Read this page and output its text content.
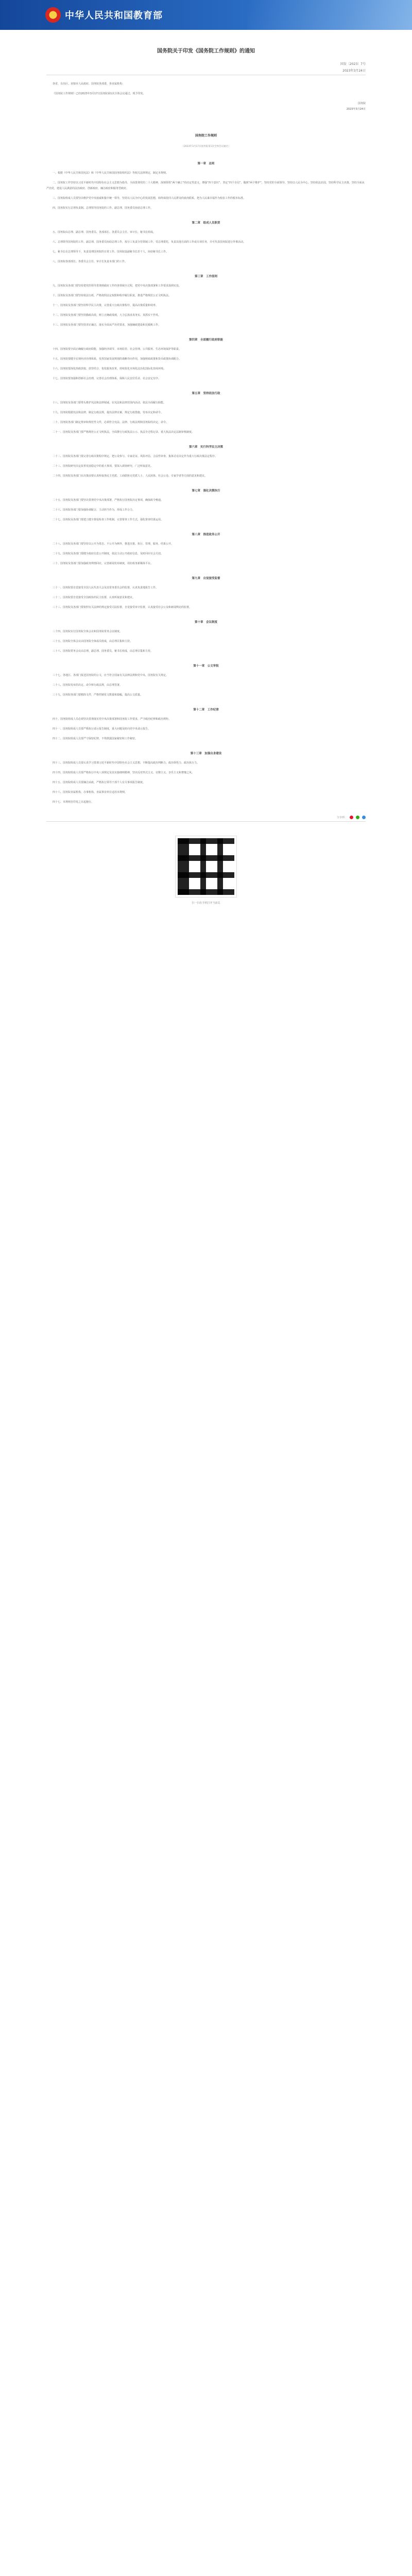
中华人民共和国教育部
国务院关于印发《国务院工作规则》的通知
国发〔2023〕7号
2023年3月24日

各省、自治区、直辖市人民政府，国务院各部委、各直属机构：

《国务院工作规则》已经2023年3月17日国务院第1次全体会议通过，现予印发。

国务院

2023年3月24日

国务院工作规则
（2023年3月17日国务院第1次全体会议通过）
第一章　总则

一、根据《中华人民共和国宪法》和《中华人民共和国国务院组织法》等相关法律规定，制定本规则。

二、国务院工作坚持以习近平新时代中国特色社会主义思想为指导，全面贯彻党的二十大精神，深刻领悟“两个确立”的决定性意义，增强“四个意识”、坚定“四个自信”、做到“两个维护”，坚持党的全面领导，坚持以人民为中心，坚持依法治国，坚持科学民主决策，坚持全面从严治党，建设人民满意的法治政府、创新政府、廉洁政府和服务型政府。

三、国务院组成人员要坚决维护党中央权威和集中统一领导，坚持以人民为中心的发展思想，始终保持同人民群众的血肉联系，把为人民谋幸福作为检验工作的根本标准。

四、国务院实行总理负责制。总理领导国务院的工作。副总理、国务委员协助总理工作。

第二章　组成人员职责

五、国务院由总理、副总理、国务委员、各部部长、各委员会主任、审计长、秘书长组成。

六、总理领导国务院的工作。副总理、国务委员协助总理工作，按分工负责分管领域工作，受总理委托，负责其他方面的工作或专项任务，并可代表国务院进行外事活动。

七、秘书长在总理领导下，负责处理国务院的日常工作。国务院设副秘书长若干人，协助秘书长工作。

八、国务院各部部长、各委员会主任、审计长负责本部门的工作。

第三章　工作原则

九、国务院及各部门要坚持把党的领导贯彻到政府工作的各领域全过程，把党中央决策部署和工作要求落到实处。

十、国务院及各部门要坚持依法行政，严格按照法定权限和程序履行职责，推进严格规范公正文明执法。

十一、国务院及各部门要坚持科学民主决策，完善重大行政决策程序，提高决策质量和效率。

十二、国务院及各部门要坚持勤政高效，树立正确政绩观，大力弘扬求真务实、真抓实干作风。

十三、国务院及各部门要坚持清正廉洁，落实全面从严治党要求，加强廉政建设和反腐败工作。

第四章　全面履行政府职能

十四、国务院要全面正确履行政府职能，加强经济调节、市场监管、社会管理、公共服务、生态环境保护等职责。

十五、国务院要健全宏观经济治理体系，发挥国家发展规划的战略导向作用，加强财政政策和货币政策协调配合。

十六、国务院要深化简政放权、放管结合、优化服务改革，持续优化市场化法治化国际化营商环境。

十七、国务院要加强和创新社会治理，完善社会治理体系，保障人民安居乐业、社会安定有序。

第五章　坚持依法行政

十八、国务院及各部门要带头维护宪法和法律权威，在宪法和法律范围内活动，依法全面履行职能。

十九、国务院根据宪法和法律，制定行政法规，提出法律议案，规定行政措施，发布决定和命令。

二十、国务院各部门制定规章和规范性文件，必须符合宪法、法律、行政法规和国务院的决定、命令。

二十一、国务院及各部门要严格规范公正文明执法，全面推行行政执法公示、执法全过程记录、重大执法决定法制审核制度。

第六章　实行科学民主决策

二十二、国务院及各部门要完善行政决策程序规定，把公众参与、专家论证、风险评估、合法性审查、集体讨论决定作为重大行政决策法定程序。

二十三、国务院研究决定改革发展稳定中的重大事项，要深入调查研究，广泛听取意见。

二十四、国务院及各部门在决策前要认真听取各民主党派、工商联和无党派人士、人民团体、社会公众、专家学者等方面的意见和建议。

第七章　强化决策执行

二十五、国务院及各部门要坚决贯彻党中央决策部署，严格执行国务院决定事项，确保政令畅通。

二十六、国务院各部门要加强协调配合，主动担当作为，形成工作合力。

二十七、国务院及各部门要建立健全督促检查工作机制，完善督查工作方式，强化督查结果运用。

第八章　推进政务公开

二十八、国务院及各部门要坚持以公开为常态、不公开为例外，推进决策、执行、管理、服务、结果公开。

二十九、国务院及各部门要健全政府信息公开制度，依法主动公开政府信息，及时回应社会关切。

三十、国务院及各部门要加强政务舆情回应，完善新闻发布制度，用好政务新媒体平台。

第九章　自觉接受监督

三十一、国务院要自觉接受全国人民代表大会及其常务委员会的监督，认真负责地报告工作。

三十二、国务院要自觉接受全国政协的民主监督，认真听取意见和建议。

三十三、国务院及各部门要依照有关法律的规定接受司法监督，自觉接受审计监督，认真接受社会公众和新闻舆论的监督。

第十章　会议制度

三十四、国务院实行国务院全体会议和国务院常务会议制度。

三十五、国务院全体会议由国务院全体成员组成，由总理召集和主持。

三十六、国务院常务会议由总理、副总理、国务委员、秘书长组成，由总理召集和主持。

第十一章　公文审批

三十七、各地区、各部门报送国务院的公文，应当符合国家有关法律法规和党中央、国务院有关规定。

三十八、国务院发布的决定、命令和行政法规，由总理签署。

三十九、国务院各部门要精简文件，严格控制发文数量和篇幅，提高公文质量。

第十二章　工作纪律

四十、国务院组成人员必须坚决贯彻落实党中央决策部署和国务院工作要求，严守政治纪律和政治规矩。

四十一、国务院组成人员要严格执行请示报告制度，重大问题及时向党中央请示报告。

四十二、国务院组成人员要严守保密纪律，不得泄露国家秘密和工作秘密。

第十三章　加强自身建设

四十三、国务院组成人员要认真学习贯彻习近平新时代中国特色社会主义思想，不断提高政治判断力、政治领悟力、政治执行力。

四十四、国务院组成人员要严格执行中央八项规定及其实施细则精神，坚决反对形式主义、官僚主义、享乐主义和奢靡之风。

四十五、国务院组成人员要廉洁从政，严格执行领导干部个人有关事项报告制度。

四十六、国务院直属机构、办事机构、直属事业单位适用本规则。

四十七、本规则自印发之日起施行。

分享到：
扫一扫在手机打开当前页
